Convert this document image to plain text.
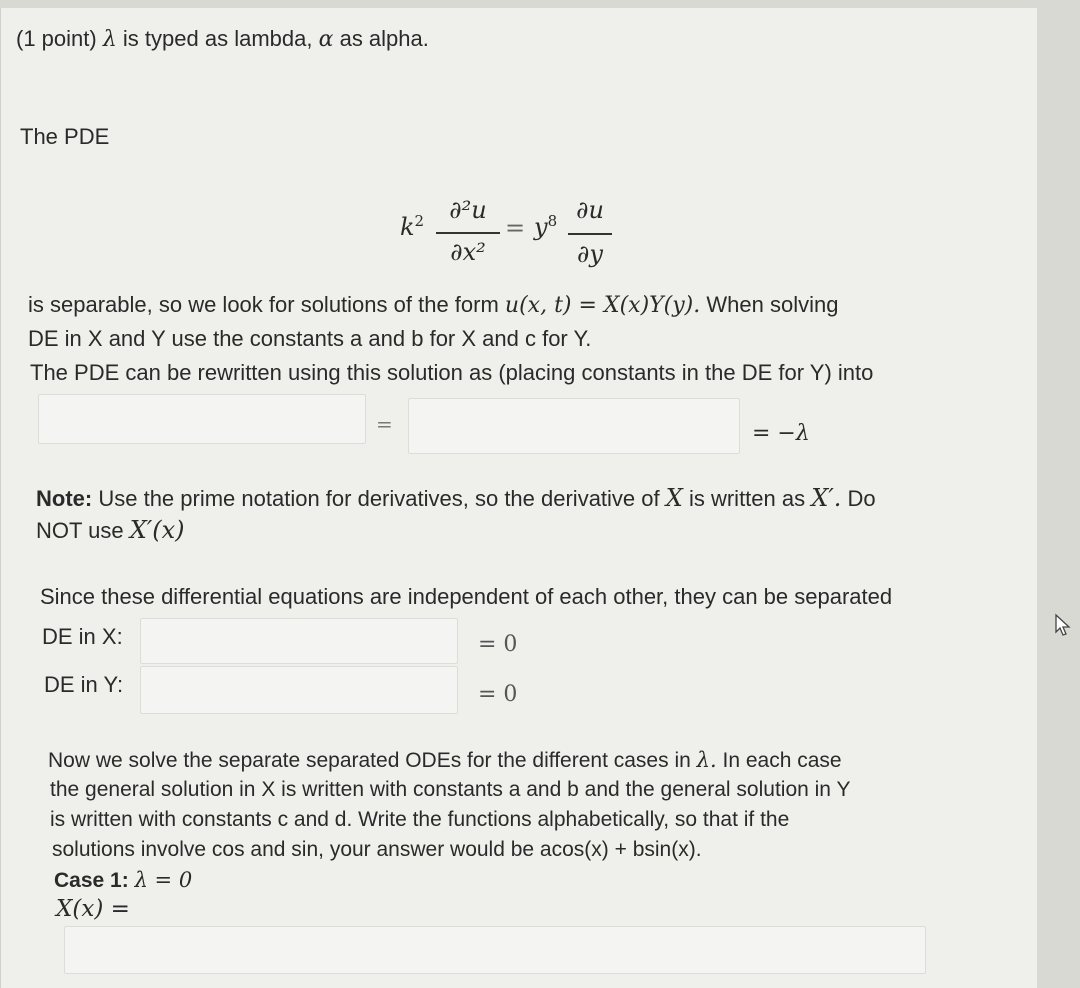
(1 point) λ is typed as lambda, α as alpha.
The PDE
$k^2$	∂²u
∂x²
= $y^8$ ∂u
∂y
is separable, so we look for solutions of the form u(x, t) = X(x)Y(y). When solving
DE in X and Y use the constants a and b for X and c for Y.
The PDE can be rewritten using this solution as (placing constants in the DE for Y) into
=	= −λ
Note: Use the prime notation for derivatives, so the derivative of X is written as X′. Do
NOT use X′(x)
Since these differential equations are independent of each other, they can be separated
DE in X:	= 0
DE in Y:	= 0
Now we solve the separate separated ODEs for the different cases in λ. In each case
the general solution in X is written with constants a and b and the general solution in Y
is written with constants c and d. Write the functions alphabetically, so that if the
solutions involve cos and sin, your answer would be acos(x) + bsin(x).
Case 1: λ = 0
X(x) =
